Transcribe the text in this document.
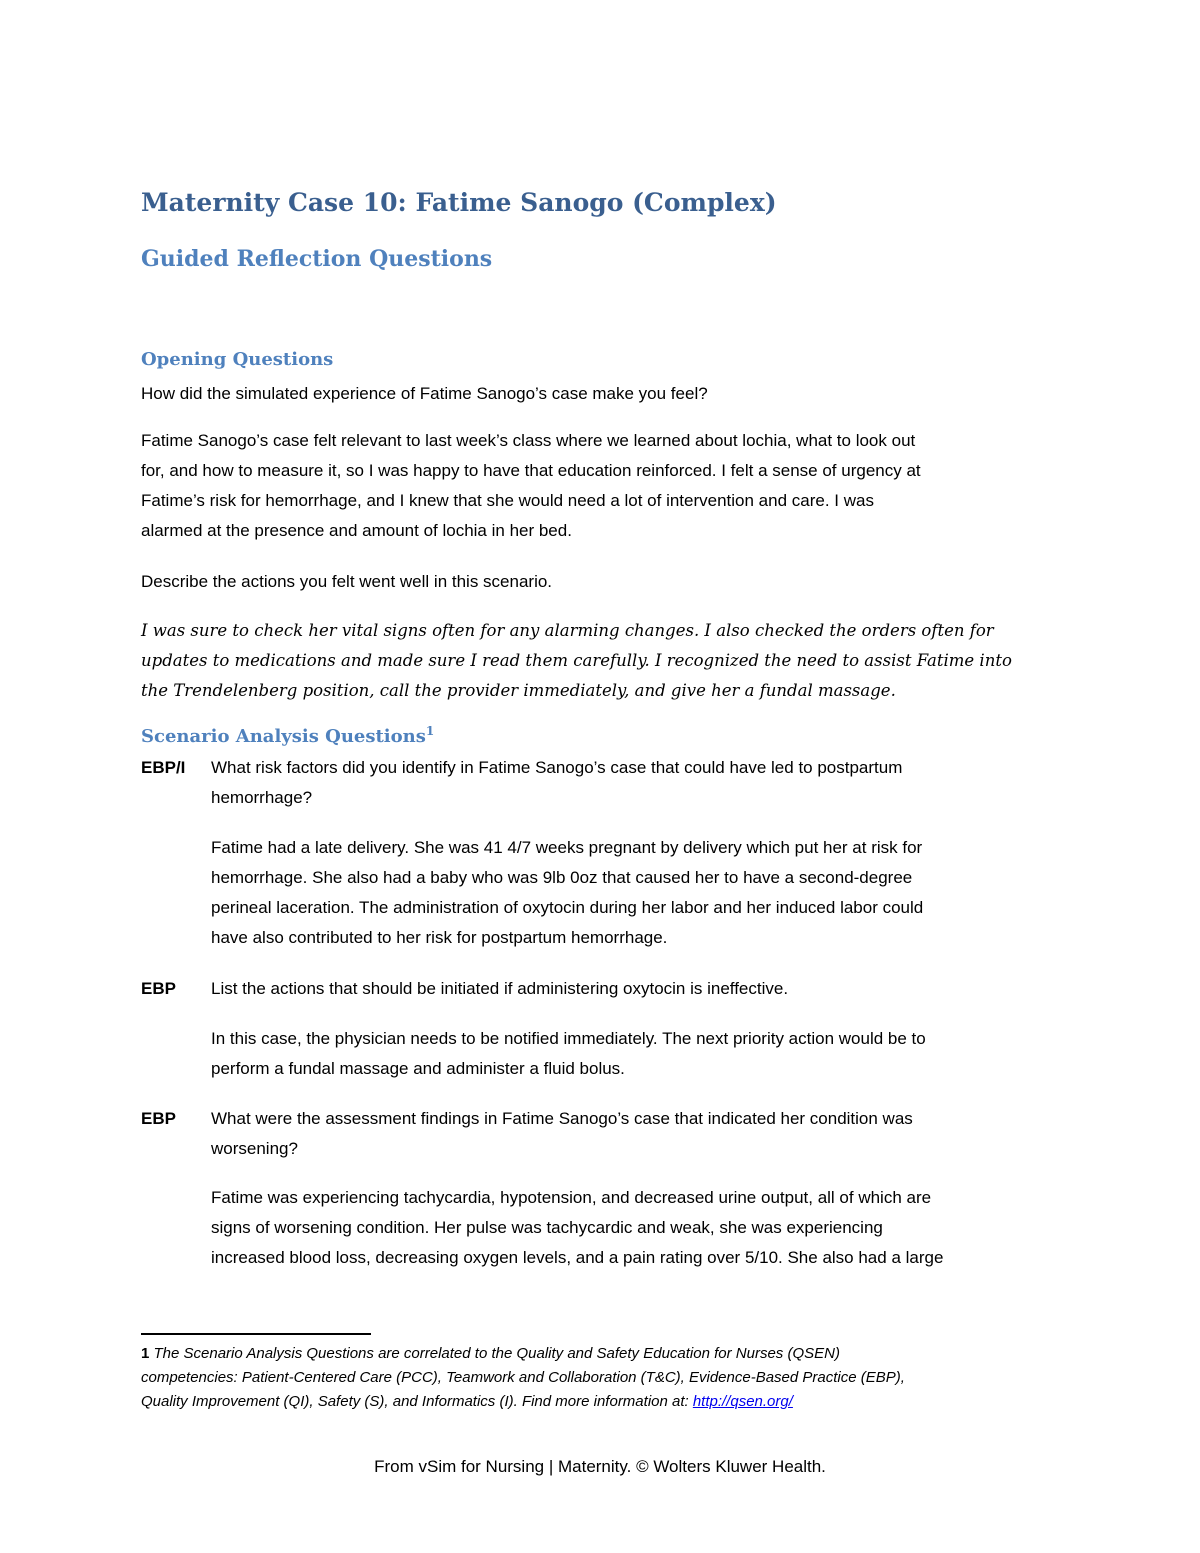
Maternity Case 10: Fatime Sanogo (Complex)
Guided Reflection Questions
Opening Questions

How did the simulated experience of Fatime Sanogo’s case make you feel?

Fatime Sanogo’s case felt relevant to last week’s class where we learned about lochia, what to look out
for, and how to measure it, so I was happy to have that education reinforced. I felt a sense of urgency at
Fatime’s risk for hemorrhage, and I knew that she would need a lot of intervention and care. I was
alarmed at the presence and amount of lochia in her bed.

Describe the actions you felt went well in this scenario.

I was sure to check her vital signs often for any alarming changes. I also checked the orders often for
updates to medications and made sure I read them carefully. I recognized the need to assist Fatime into
the Trendelenberg position, call the provider immediately, and give her a fundal massage.

Scenario Analysis Questions$^1$

EBP/I What risk factors did you identify in Fatime Sanogo’s case that could have led to postpartum
hemorrhage?

Fatime had a late delivery. She was 41 4/7 weeks pregnant by delivery which put her at risk for
hemorrhage. She also had a baby who was 9lb 0oz that caused her to have a second-degree
perineal laceration. The administration of oxytocin during her labor and her induced labor could
have also contributed to her risk for postpartum hemorrhage.

EBP List the actions that should be initiated if administering oxytocin is ineffective.

In this case, the physician needs to be notified immediately. The next priority action would be to
perform a fundal massage and administer a fluid bolus.

EBP What were the assessment findings in Fatime Sanogo’s case that indicated her condition was
worsening?

Fatime was experiencing tachycardia, hypotension, and decreased urine output, all of which are
signs of worsening condition. Her pulse was tachycardic and weak, she was experiencing
increased blood loss, decreasing oxygen levels, and a pain rating over 5/10. She also had a large

1 The Scenario Analysis Questions are correlated to the Quality and Safety Education for Nurses (QSEN)
competencies: Patient-Centered Care (PCC), Teamwork and Collaboration (T&C), Evidence-Based Practice (EBP),
Quality Improvement (QI), Safety (S), and Informatics (I). Find more information at: http://qsen.org/

From vSim for Nursing | Maternity. © Wolters Kluwer Health.
